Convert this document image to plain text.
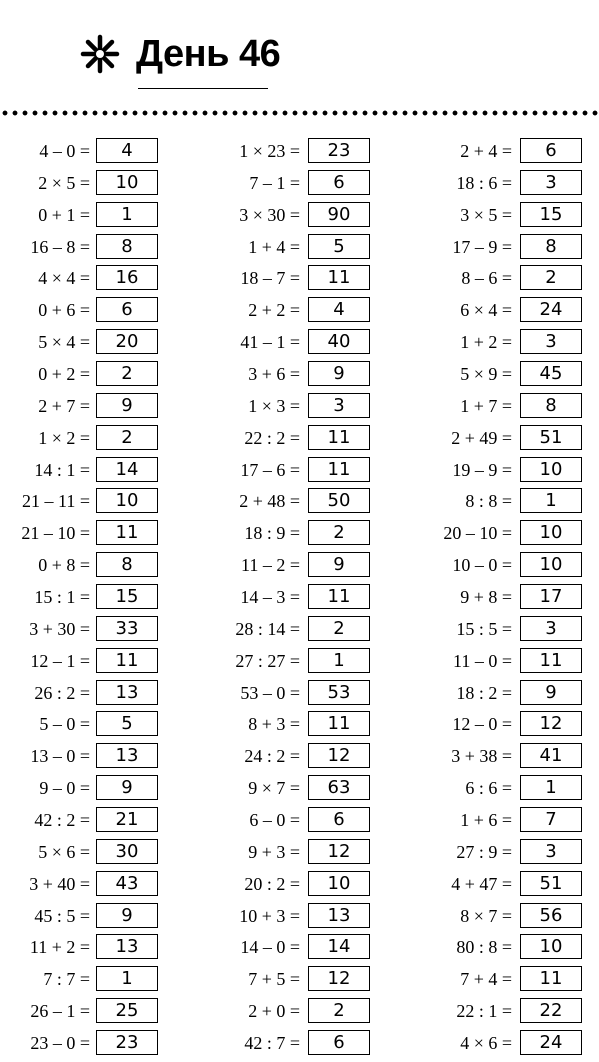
День 46
4 – 0 =	4
2 × 5 =	10
0 + 1 =	1
16 – 8 =	8
4 × 4 =	16
0 + 6 =	6
5 × 4 =	20
0 + 2 =	2
2 + 7 =	9
1 × 2 =	2
14 : 1 =	14
21 – 11 =	10
21 – 10 =	11
0 + 8 =	8
15 : 1 =	15
3 + 30 =	33
12 – 1 =	11
26 : 2 =	13
5 – 0 =	5
13 – 0 =	13
9 – 0 =	9
42 : 2 =	21
5 × 6 =	30
3 + 40 =	43
45 : 5 =	9
11 + 2 =	13
7 : 7 =	1
26 – 1 =	25
23 – 0 =	23
1 × 23 =	23
7 – 1 =	6
3 × 30 =	90
1 + 4 =	5
18 – 7 =	11
2 + 2 =	4
41 – 1 =	40
3 + 6 =	9
1 × 3 =	3
22 : 2 =	11
17 – 6 =	11
2 + 48 =	50
18 : 9 =	2
11 – 2 =	9
14 – 3 =	11
28 : 14 =	2
27 : 27 =	1
53 – 0 =	53
8 + 3 =	11
24 : 2 =	12
9 × 7 =	63
6 – 0 =	6
9 + 3 =	12
20 : 2 =	10
10 + 3 =	13
14 – 0 =	14
7 + 5 =	12
2 + 0 =	2
42 : 7 =	6
2 + 4 =	6
18 : 6 =	3
3 × 5 =	15
17 – 9 =	8
8 – 6 =	2
6 × 4 =	24
1 + 2 =	3
5 × 9 =	45
1 + 7 =	8
2 + 49 =	51
19 – 9 =	10
8 : 8 =	1
20 – 10 =	10
10 – 0 =	10
9 + 8 =	17
15 : 5 =	3
11 – 0 =	11
18 : 2 =	9
12 – 0 =	12
3 + 38 =	41
6 : 6 =	1
1 + 6 =	7
27 : 9 =	3
4 + 47 =	51
8 × 7 =	56
80 : 8 =	10
7 + 4 =	11
22 : 1 =	22
4 × 6 =	24
